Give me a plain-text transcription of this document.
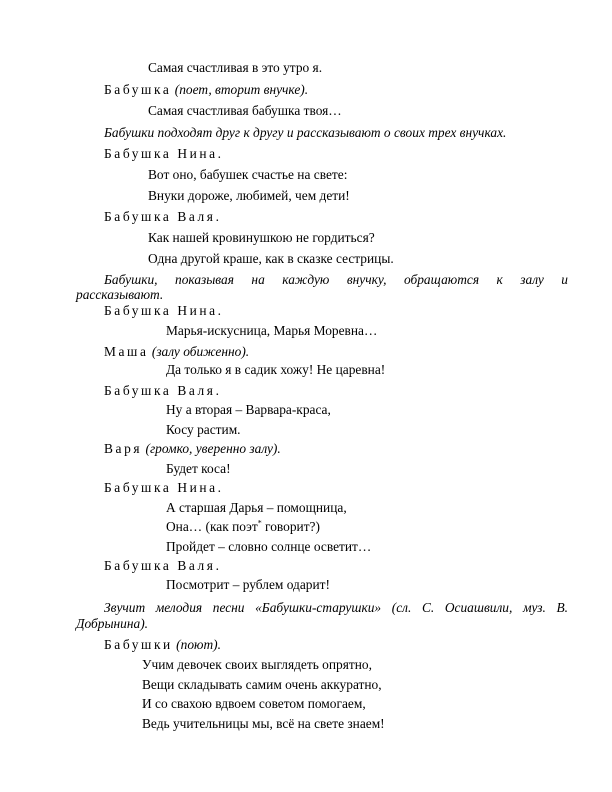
Самая счастливая в это утро я.
Бабушка (поет, вторит внучке).
Самая счастливая бабушка твоя…
Бабушки подходят друг к другу и рассказывают о своих трех внучках.
Бабушка Нина.
Вот оно, бабушек счастье на свете:
Внуки дороже, любимей, чем дети!
Бабушка Валя.
Как нашей кровинушкою не гордиться?
Одна другой краше, как в сказке сестрицы.
Бабушки, показывая на каждую внучку, обращаются к залу и
рассказывают.
Бабушка Нина.
Марья-искусница, Марья Моревна…
Маша (залу обиженно).
Да только я в садик хожу! Не царевна!
Бабушка Валя.
Ну а вторая – Варвара-краса,
Косу растим.
Варя (громко, уверенно залу).
Будет коса!
Бабушка Нина.
А старшая Дарья – помощница,
Она… (как поэт* говорит?)
Пройдет – словно солнце осветит…
Бабушка Валя.
Посмотрит – рублем одарит!
Звучит мелодия песни «Бабушки-старушки» (сл. С. Осиашвили, муз. В.
Добрынина).
Бабушки (поют).
Учим девочек своих выглядеть опрятно,
Вещи складывать самим очень аккуратно,
И со свахою вдвоем советом помогаем,
Ведь учительницы мы, всё на свете знаем!
